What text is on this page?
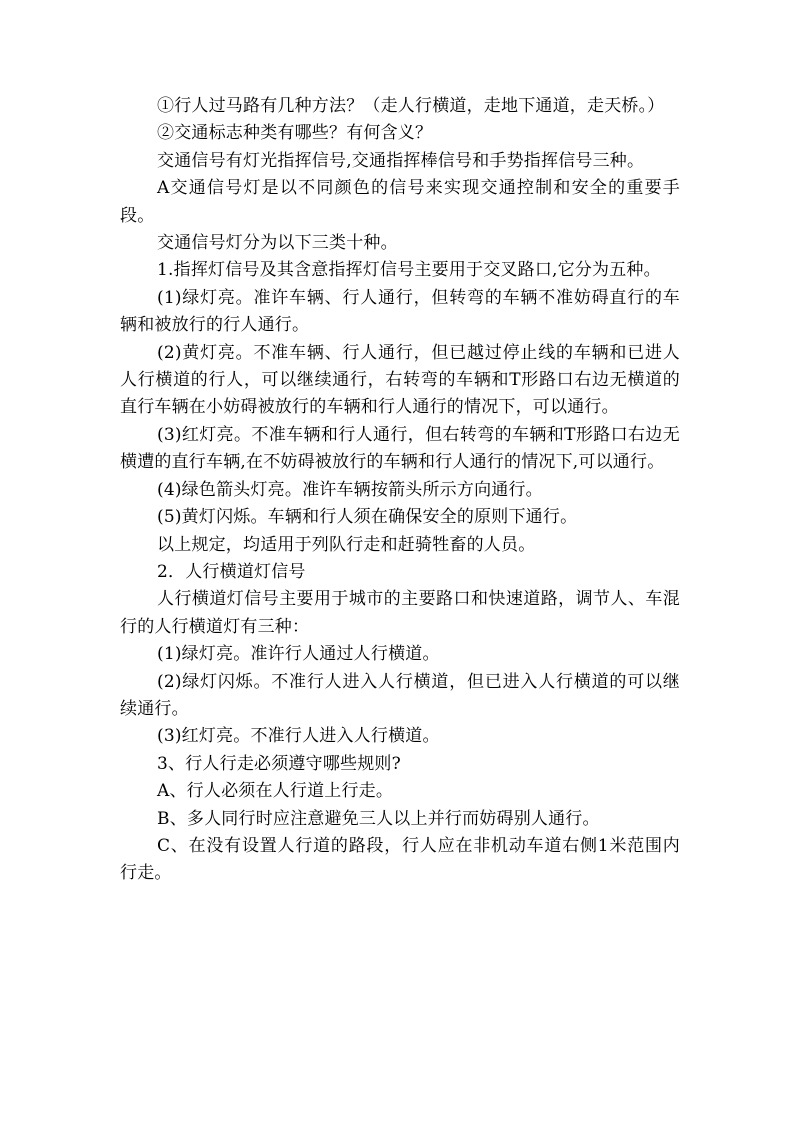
①行人过马路有几种方法？（走人行横道，走地下通道，走天桥。）

②交通标志种类有哪些？有何含义？

交通信号有灯光指挥信号,交通指挥棒信号和手势指挥信号三种。

A交通信号灯是以不同颜色的信号来实现交通控制和安全的重要手段。

交通信号灯分为以下三类十种。

1.指挥灯信号及其含意指挥灯信号主要用于交叉路口,它分为五种。

(1)绿灯亮。准许车辆、行人通行，但转弯的车辆不准妨碍直行的车辆和被放行的行人通行。

(2)黄灯亮。不准车辆、行人通行，但已越过停止线的车辆和已进人人行横道的行人，可以继续通行，右转弯的车辆和T形路口右边无横道的直行车辆在小妨碍被放行的车辆和行人通行的情况下，可以通行。

(3)红灯亮。不准车辆和行人通行，但右转弯的车辆和T形路口右边无横遭的直行车辆,在不妨碍被放行的车辆和行人通行的情况下,可以通行。

(4)绿色箭头灯亮。准许车辆按箭头所示方向通行。

(5)黄灯闪烁。车辆和行人须在确保安全的原则下通行。

以上规定，均适用于列队行走和赶骑牲畜的人员。

2．人行横道灯信号

人行横道灯信号主要用于城市的主要路口和快速道路，调节人、车混行的人行横道灯有三种：

(1)绿灯亮。准许行人通过人行横道。

(2)绿灯闪烁。不准行人进入人行横道，但已进入人行横道的可以继续通行。

(3)红灯亮。不准行人进入人行横道。

3、行人行走必须遵守哪些规则?

A、行人必须在人行道上行走。

B、多人同行时应注意避免三人以上并行而妨碍别人通行。

C、在没有设置人行道的路段，行人应在非机动车道右侧1米范围内行走。
